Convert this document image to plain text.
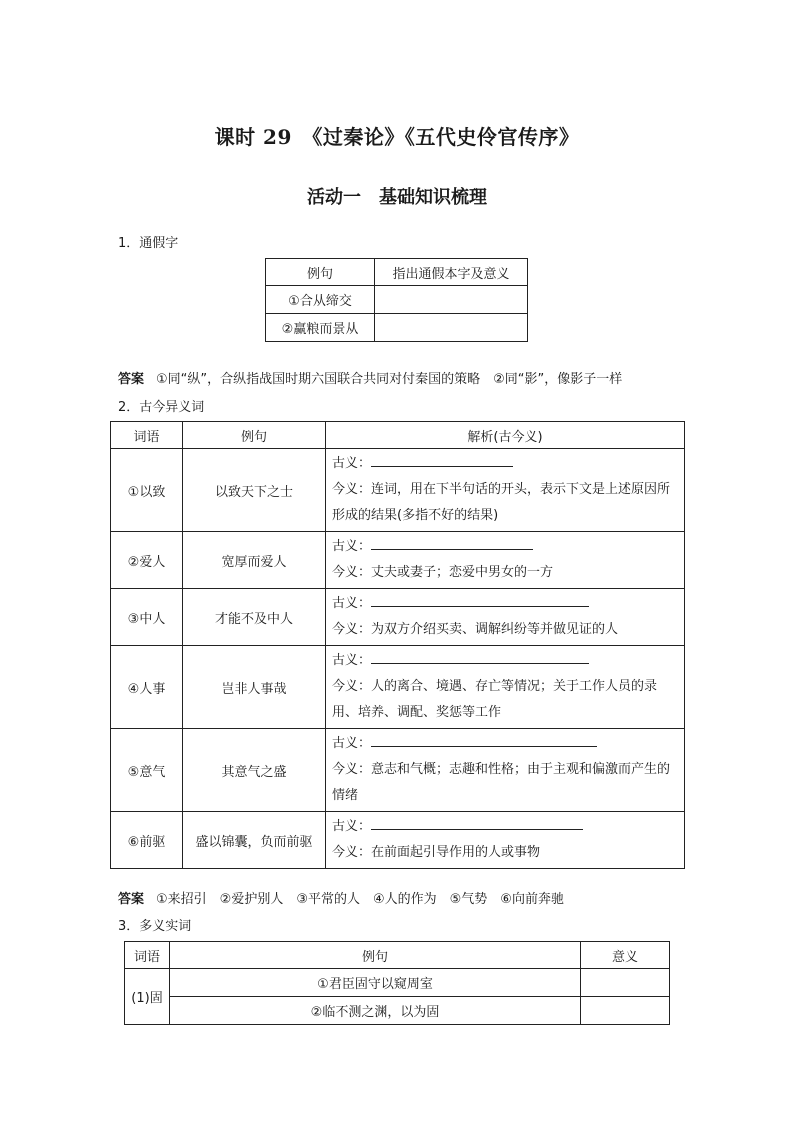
课时 29　《过秦论》《五代史伶官传序》
活动一　基础知识梳理
1．通假字
例句	指出通假本字及意义
①合从缔交	
②赢粮而景从	
答案 ①同“纵”，合纵指战国时期六国联合共同对付秦国的策略　②同“影”，像影子一样
2．古今异义词
词语	例句	解析(古今义)
①以致	以致天下之士	古义：
今义：连词，用在下半句话的开头，表示下文是上述原因所形成的结果(多指不好的结果)

②爱人	宽厚而爱人	古义：
今义：丈夫或妻子；恋爱中男女的一方

③中人	才能不及中人	古义：
今义：为双方介绍买卖、调解纠纷等并做见证的人

④人事	岂非人事哉	古义：
今义：人的离合、境遇、存亡等情况；关于工作人员的录用、培养、调配、奖惩等工作

⑤意气	其意气之盛	古义：
今义：意志和气概；志趣和性格；由于主观和偏激而产生的情绪

⑥前驱	盛以锦囊，负而前驱	古义：
今义：在前面起引导作用的人或事物
答案 ①来招引　②爱护别人　③平常的人　④人的作为　⑤气势　⑥向前奔驰
3．多义实词
词语	例句	意义
(1)固	①君臣固守以窥周室	
	②临不测之渊，以为固	
